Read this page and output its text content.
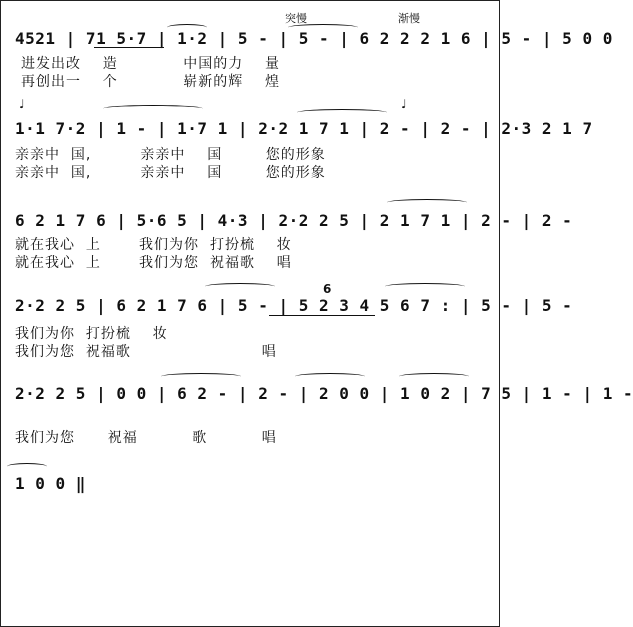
突慢	渐慢
4521 | 71 5·7 | 1·2 | 5 - | 5 - | 6 2 2 2 1 6 | 5 - | 5 0 0
进发出改    造            中国的力    量
再创出一    个            崭新的辉    煌
♩	♩
1·1 7·2 | 1 - | 1·7 1 | 2·2 1 7 1 | 2 - | 2 - | 2·3 2 1 7
亲亲中  国,         亲亲中    国        您的形象
亲亲中  国,         亲亲中    国        您的形象
6 2 1 7 6 | 5·6 5 | 4·3 | 2·2 2 5 | 2 1 7 1 | 2 - | 2 -
就在我心  上       我们为你  打扮梳    妆
就在我心  上       我们为您  祝福歌    唱
6
2·2 2 5 | 6 2 1 7 6 | 5 - | 5 2 3 4 5 6 7 : | 5 - | 5 -
我们为你  打扮梳    妆
我们为您  祝福歌                        唱
2·2 2 5 | 0 0 | 6 2 - | 2 - | 2 0 0 | 1 0 2 | 7 5 | 1 - | 1 -
我们为您      祝福          歌          唱
1 0 0 ‖
